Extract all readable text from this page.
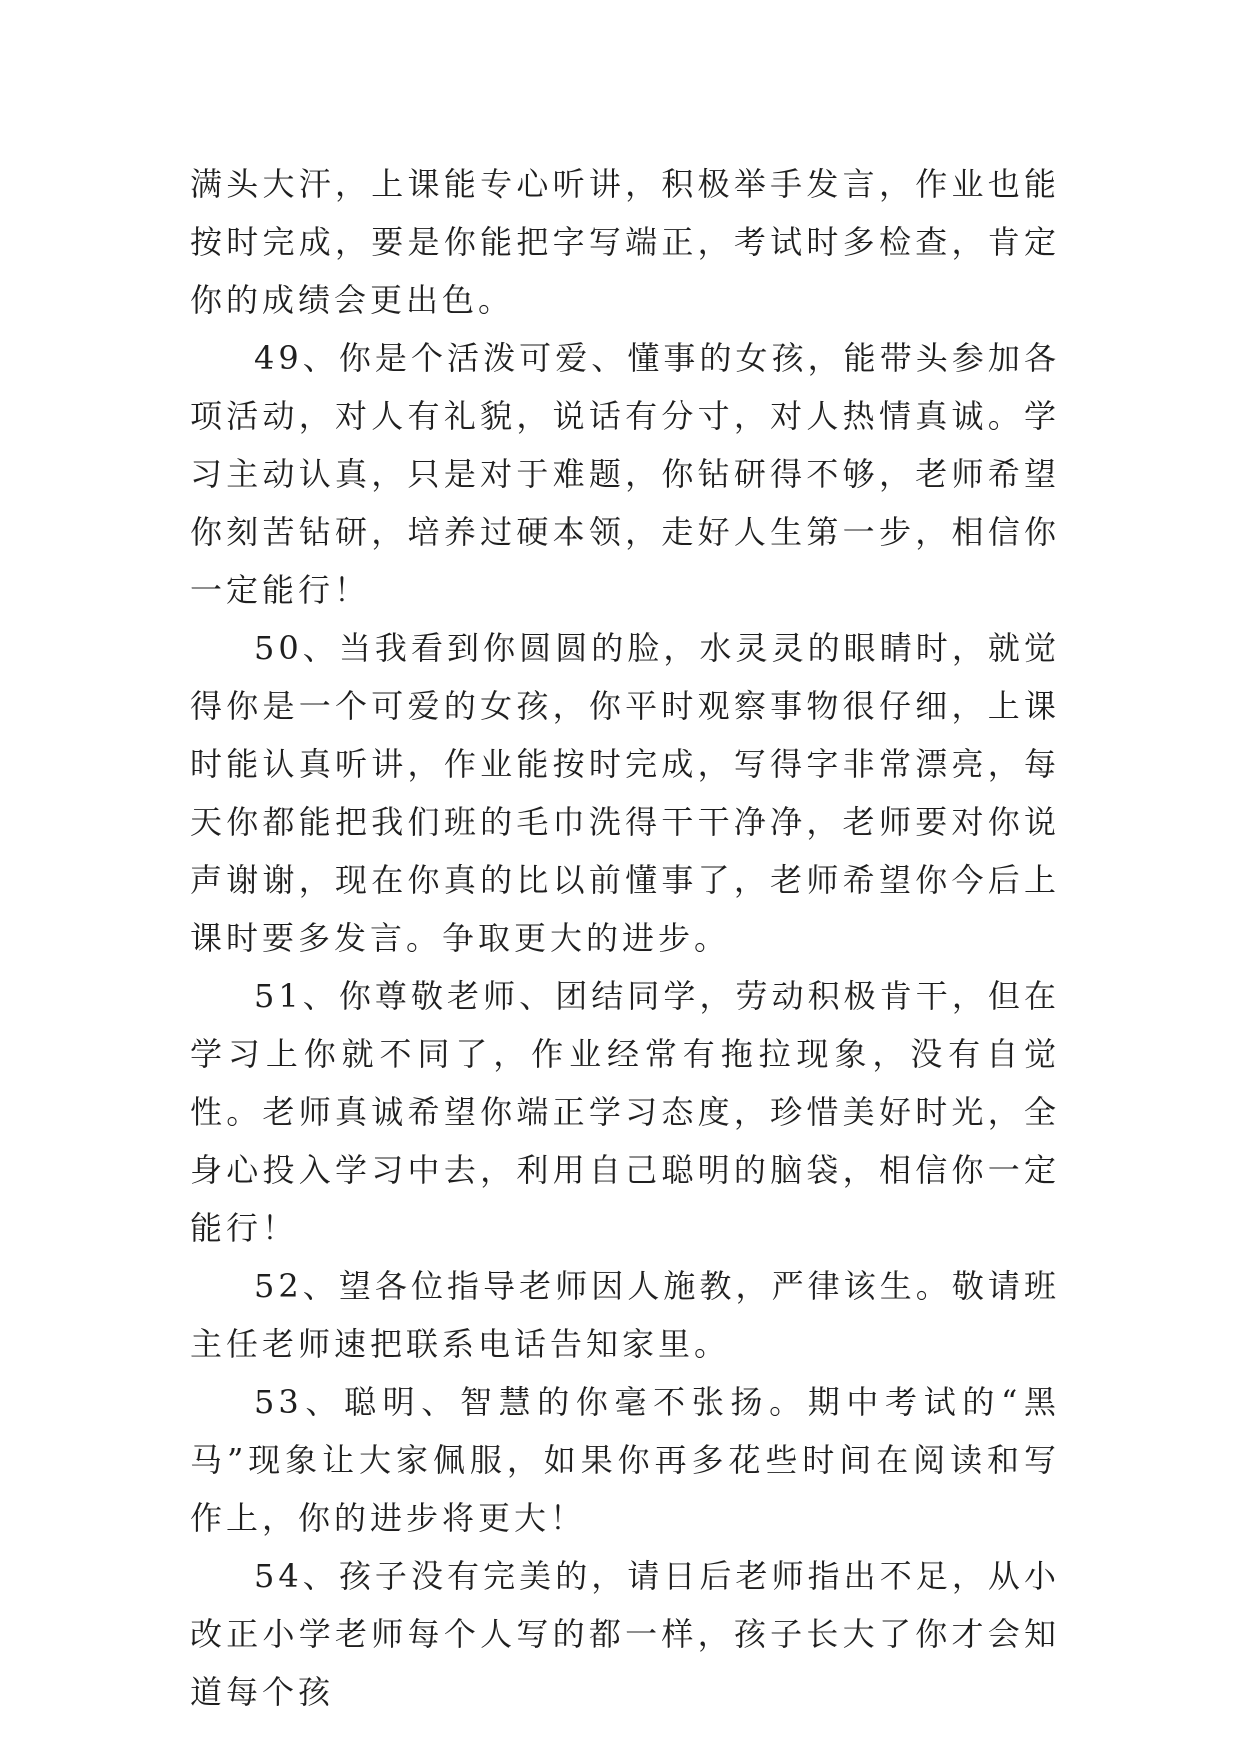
满头大汗，上课能专心听讲，积极举手发言，作业也能按时完成，要是你能把字写端正，考试时多检查，肯定你的成绩会更出色。

49、你是个活泼可爱、懂事的女孩，能带头参加各项活动，对人有礼貌，说话有分寸，对人热情真诚。学习主动认真，只是对于难题，你钻研得不够，老师希望你刻苦钻研，培养过硬本领，走好人生第一步，相信你一定能行！

50、当我看到你圆圆的脸，水灵灵的眼睛时，就觉得你是一个可爱的女孩，你平时观察事物很仔细，上课时能认真听讲，作业能按时完成，写得字非常漂亮，每天你都能把我们班的毛巾洗得干干净净，老师要对你说声谢谢，现在你真的比以前懂事了，老师希望你今后上课时要多发言。争取更大的进步。

51、你尊敬老师、团结同学，劳动积极肯干，但在学习上你就不同了，作业经常有拖拉现象，没有自觉性。老师真诚希望你端正学习态度，珍惜美好时光，全身心投入学习中去，利用自己聪明的脑袋，相信你一定能行！

52、望各位指导老师因人施教，严律该生。敬请班主任老师速把联系电话告知家里。

53、聪明、智慧的你毫不张扬。期中考试的“黑马”现象让大家佩服，如果你再多花些时间在阅读和写作上，你的进步将更大！

54、孩子没有完美的，请日后老师指出不足，从小改正小学老师每个人写的都一样，孩子长大了你才会知道每个孩
